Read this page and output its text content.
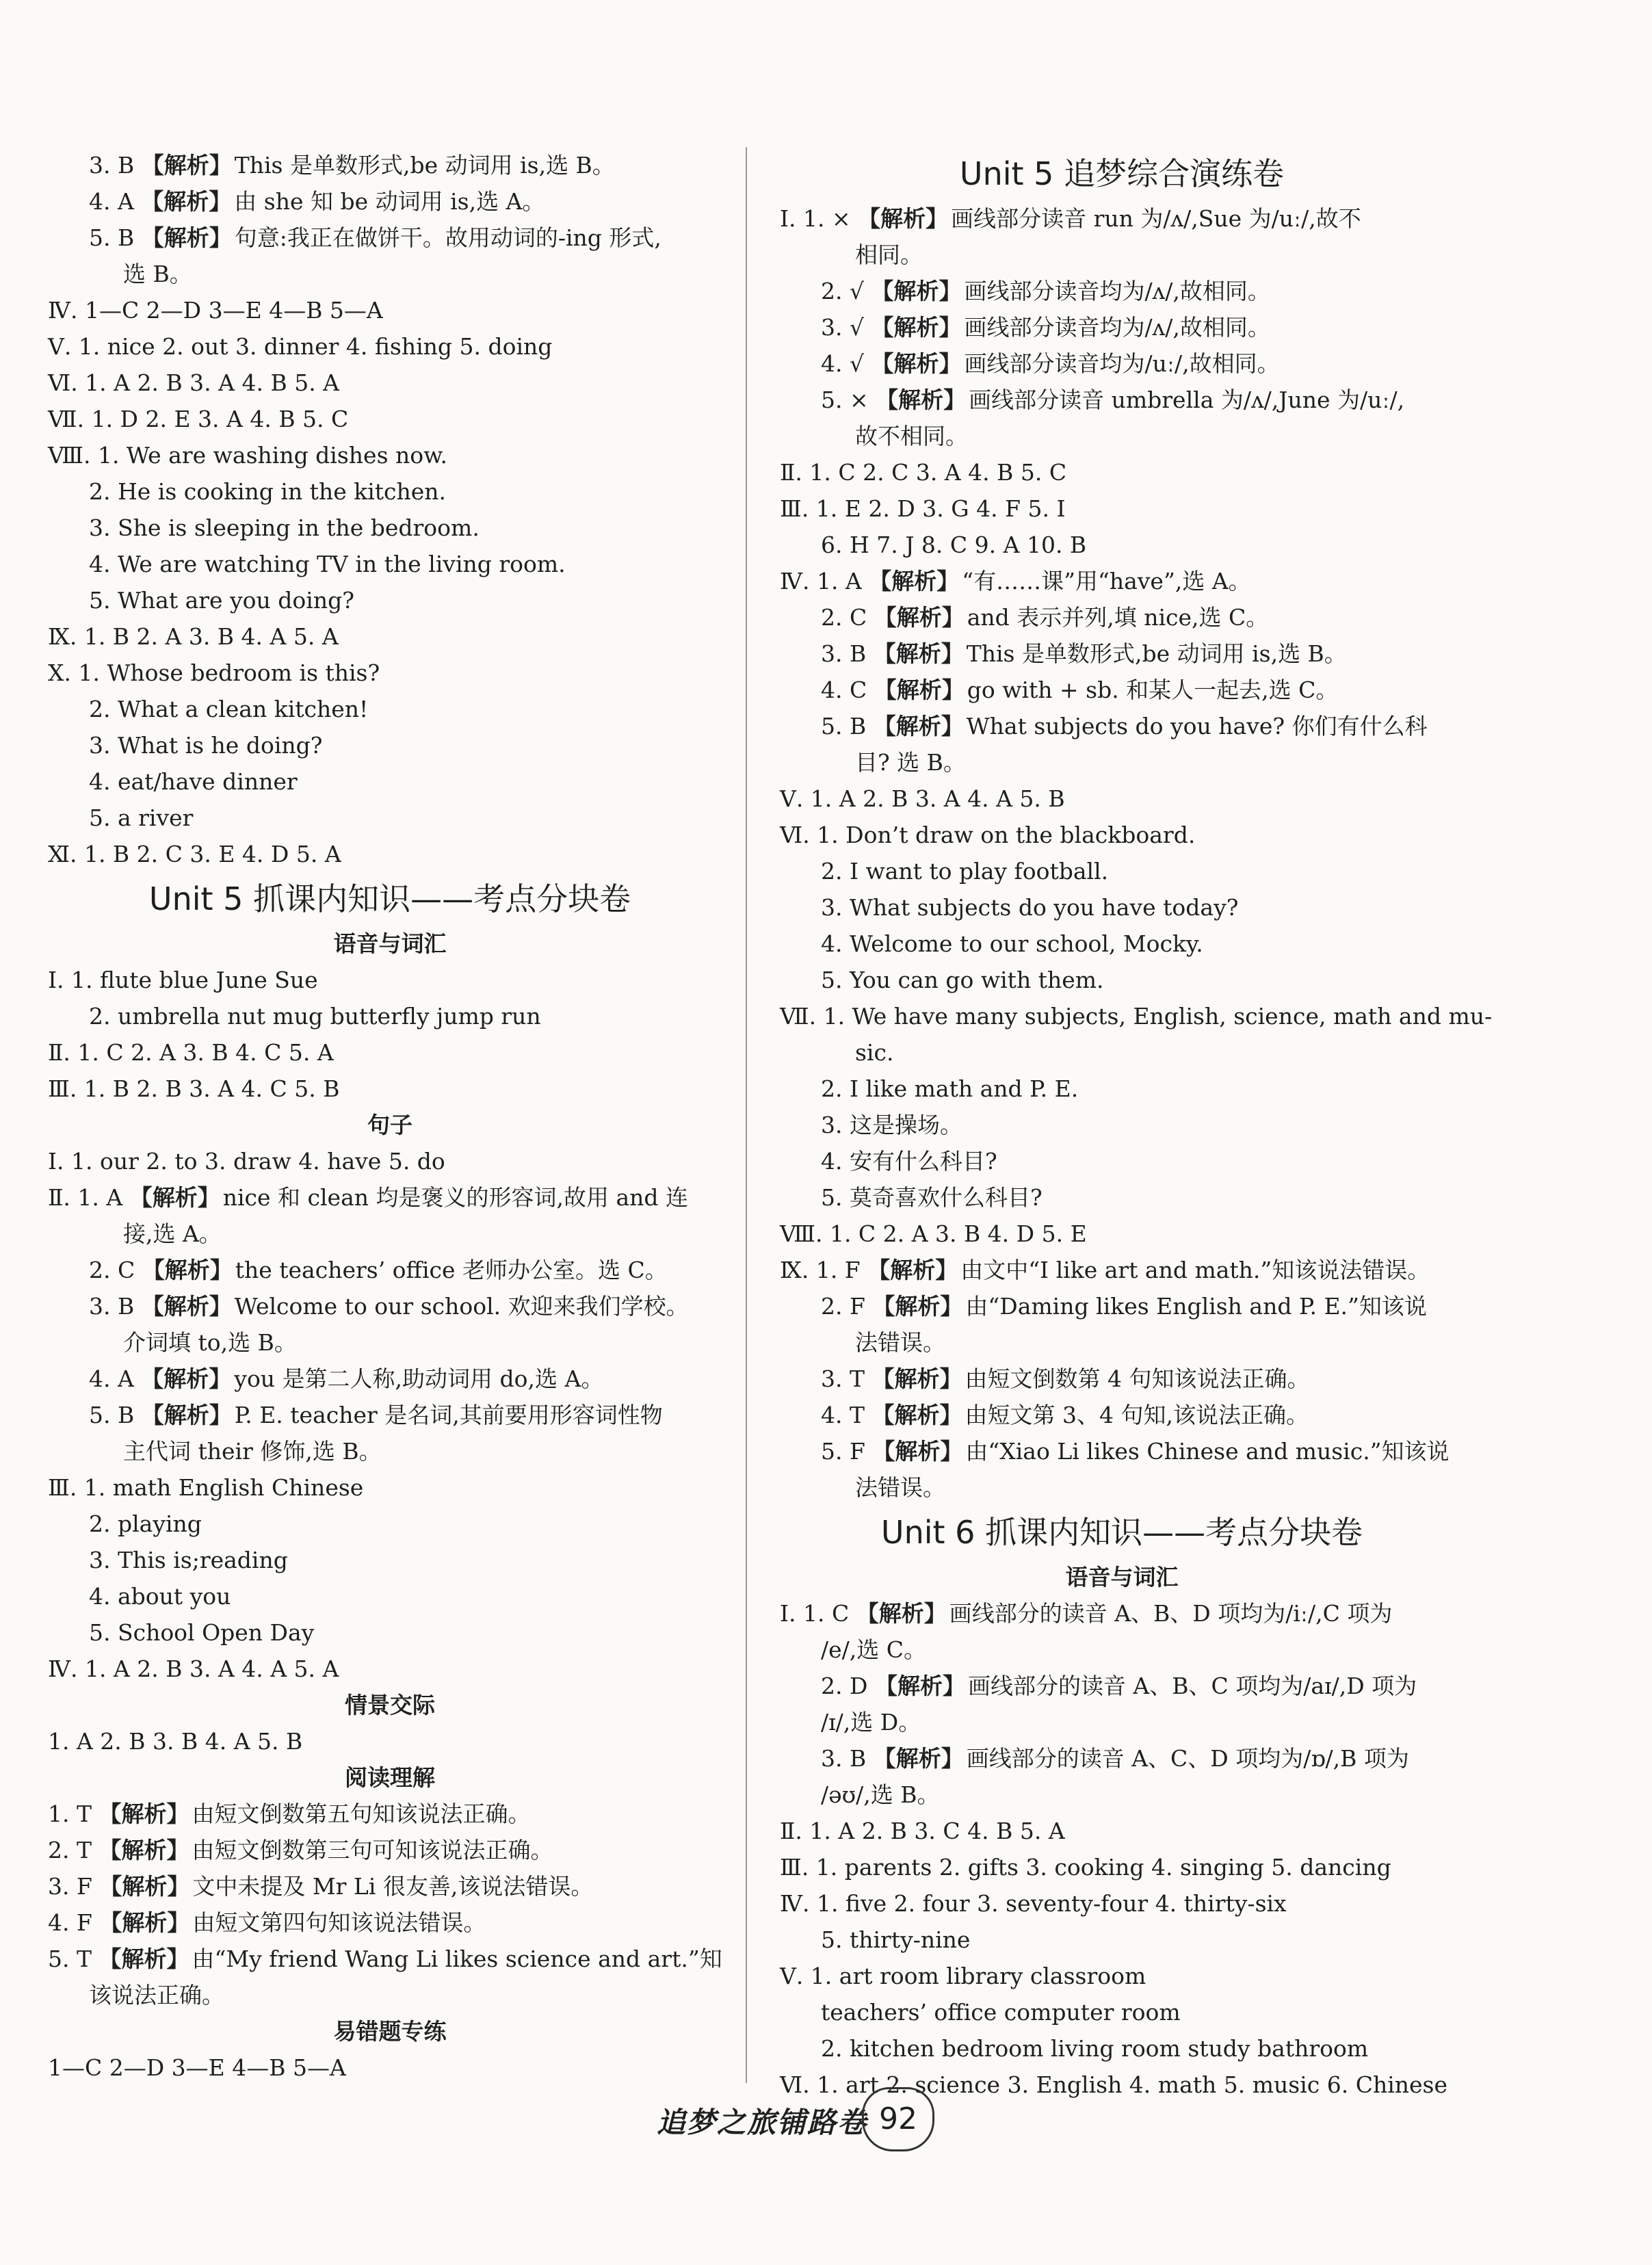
3. B 【解析】 This 是单数形式,be 动词用 is,选 B。
4. A 【解析】 由 she 知 be 动词用 is,选 A。
5. B 【解析】 句意:我正在做饼干。故用动词的-ing 形式,
选 B。
Ⅳ. 1—C 2—D 3—E 4—B 5—A
Ⅴ. 1. nice 2. out 3. dinner 4. fishing 5. doing
Ⅵ. 1. A 2. B 3. A 4. B 5. A
Ⅶ. 1. D 2. E 3. A 4. B 5. C
Ⅷ. 1. We are washing dishes now.
2. He is cooking in the kitchen.
3. She is sleeping in the bedroom.
4. We are watching TV in the living room.
5. What are you doing?
Ⅸ. 1. B 2. A 3. B 4. A 5. A
Ⅹ. 1. Whose bedroom is this?
2. What a clean kitchen!
3. What is he doing?
4. eat/have dinner
5. a river
Ⅺ. 1. B 2. C 3. E 4. D 5. A
Unit 5 抓课内知识——考点分块卷
语音与词汇
Ⅰ. 1. flute blue June Sue
2. umbrella nut mug butterfly jump run
Ⅱ. 1. C 2. A 3. B 4. C 5. A
Ⅲ. 1. B 2. B 3. A 4. C 5. B
句子
Ⅰ. 1. our 2. to 3. draw 4. have 5. do
Ⅱ. 1. A 【解析】 nice 和 clean 均是褒义的形容词,故用 and 连
接,选 A。
2. C 【解析】 the teachers’ office 老师办公室。选 C。
3. B 【解析】 Welcome to our school. 欢迎来我们学校。
介词填 to,选 B。
4. A 【解析】 you 是第二人称,助动词用 do,选 A。
5. B 【解析】 P. E. teacher 是名词,其前要用形容词性物
主代词 their 修饰,选 B。
Ⅲ. 1. math English Chinese
2. playing
3. This is;reading
4. about you
5. School Open Day
Ⅳ. 1. A 2. B 3. A 4. A 5. A
情景交际
1. A 2. B 3. B 4. A 5. B
阅读理解
1. T 【解析】 由短文倒数第五句知该说法正确。
2. T 【解析】 由短文倒数第三句可知该说法正确。
3. F 【解析】 文中未提及 Mr Li 很友善,该说法错误。
4. F 【解析】 由短文第四句知该说法错误。
5. T 【解析】 由“My friend Wang Li likes science and art.”知
该说法正确。
易错题专练
1—C 2—D 3—E 4—B 5—A
Unit 5 追梦综合演练卷
Ⅰ. 1. × 【解析】 画线部分读音 run 为/ʌ/,Sue 为/uː/,故不
相同。
2. √ 【解析】 画线部分读音均为/ʌ/,故相同。
3. √ 【解析】 画线部分读音均为/ʌ/,故相同。
4. √ 【解析】 画线部分读音均为/uː/,故相同。
5. × 【解析】 画线部分读音 umbrella 为/ʌ/,June 为/uː/,
故不相同。
Ⅱ. 1. C 2. C 3. A 4. B 5. C
Ⅲ. 1. E 2. D 3. G 4. F 5. I
6. H 7. J 8. C 9. A 10. B
Ⅳ. 1. A 【解析】 “有……课”用“have”,选 A。
2. C 【解析】 and 表示并列,填 nice,选 C。
3. B 【解析】 This 是单数形式,be 动词用 is,选 B。
4. C 【解析】 go with + sb. 和某人一起去,选 C。
5. B 【解析】 What subjects do you have? 你们有什么科
目? 选 B。
Ⅴ. 1. A 2. B 3. A 4. A 5. B
Ⅵ. 1. Don’t draw on the blackboard.
2. I want to play football.
3. What subjects do you have today?
4. Welcome to our school, Mocky.
5. You can go with them.
Ⅶ. 1. We have many subjects, English, science, math and mu-
sic.
2. I like math and P. E.
3. 这是操场。
4. 安有什么科目?
5. 莫奇喜欢什么科目?
Ⅷ. 1. C 2. A 3. B 4. D 5. E
Ⅸ. 1. F 【解析】 由文中“I like art and math.”知该说法错误。
2. F 【解析】 由“Daming likes English and P. E.”知该说
法错误。
3. T 【解析】 由短文倒数第 4 句知该说法正确。
4. T 【解析】 由短文第 3、4 句知,该说法正确。
5. F 【解析】 由“Xiao Li likes Chinese and music.”知该说
法错误。
Unit 6 抓课内知识——考点分块卷
语音与词汇
Ⅰ. 1. C 【解析】 画线部分的读音 A、B、D 项均为/iː/,C 项为
/e/,选 C。
2. D 【解析】 画线部分的读音 A、B、C 项均为/aɪ/,D 项为
/ɪ/,选 D。
3. B 【解析】 画线部分的读音 A、C、D 项均为/ɒ/,B 项为
/əʊ/,选 B。
Ⅱ. 1. A 2. B 3. C 4. B 5. A
Ⅲ. 1. parents 2. gifts 3. cooking 4. singing 5. dancing
Ⅳ. 1. five 2. four 3. seventy-four 4. thirty-six
5. thirty-nine
Ⅴ. 1. art room library classroom
teachers’ office computer room
2. kitchen bedroom living room study bathroom
Ⅵ. 1. art 2. science 3. English 4. math 5. music 6. Chinese
追梦之旅铺路卷 92
